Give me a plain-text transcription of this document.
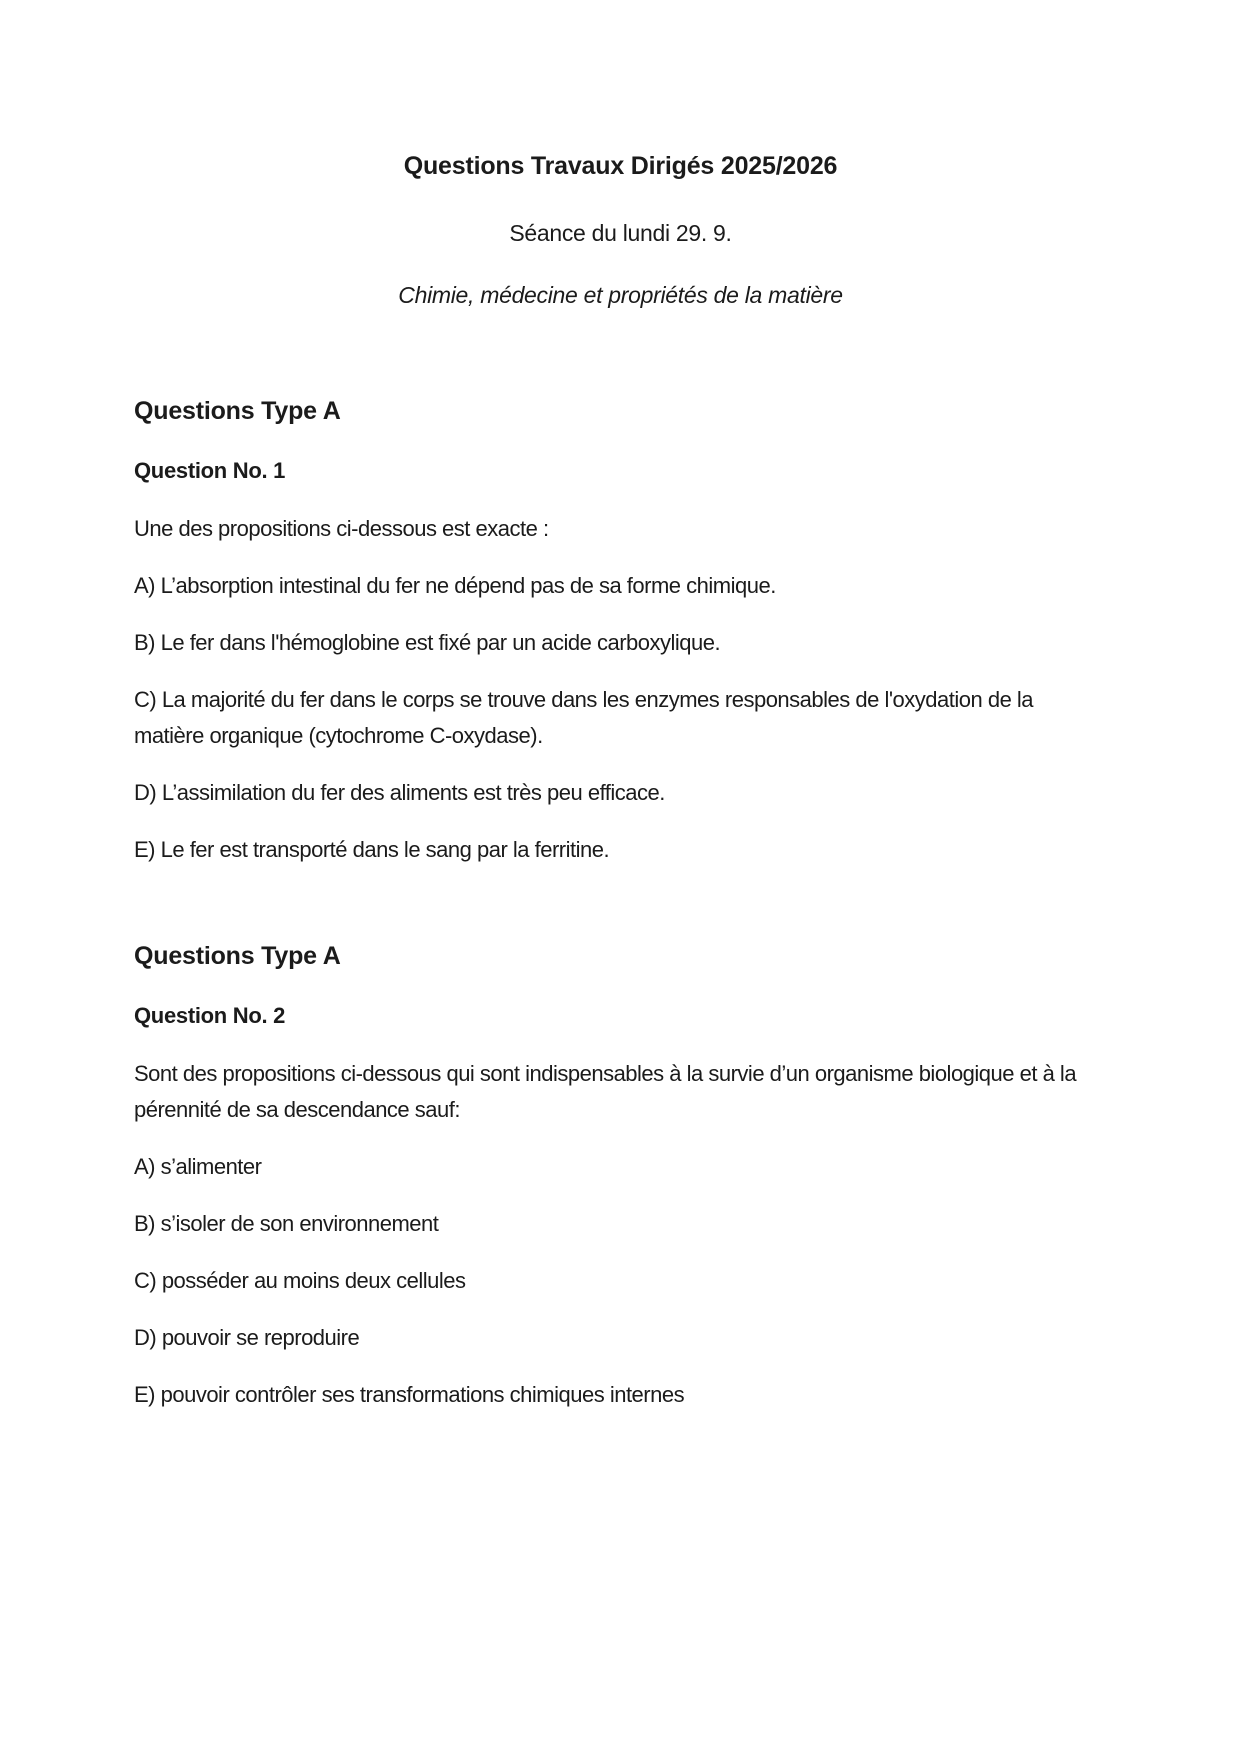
Questions Travaux Dirigés 2025/2026

Séance du lundi 29. 9.

Chimie, médecine et propriétés de la matière

Questions Type A
Question No. 1

Une des propositions ci-dessous est exacte :

A) L’absorption intestinal du fer ne dépend pas de sa forme chimique.

B) Le fer dans l'hémoglobine est fixé par un acide carboxylique.

C) La majorité du fer dans le corps se trouve dans les enzymes responsables de l'oxydation de la matière organique (cytochrome C-oxydase).

D) L’assimilation du fer des aliments est très peu efficace.

E) Le fer est transporté dans le sang par la ferritine.

Questions Type A
Question No. 2

Sont des propositions ci-dessous qui sont indispensables à la survie d’un organisme biologique et à la pérennité de sa descendance sauf:

A) s’alimenter

B) s’isoler de son environnement

C) posséder au moins deux cellules

D) pouvoir se reproduire

E) pouvoir contrôler ses transformations chimiques internes
